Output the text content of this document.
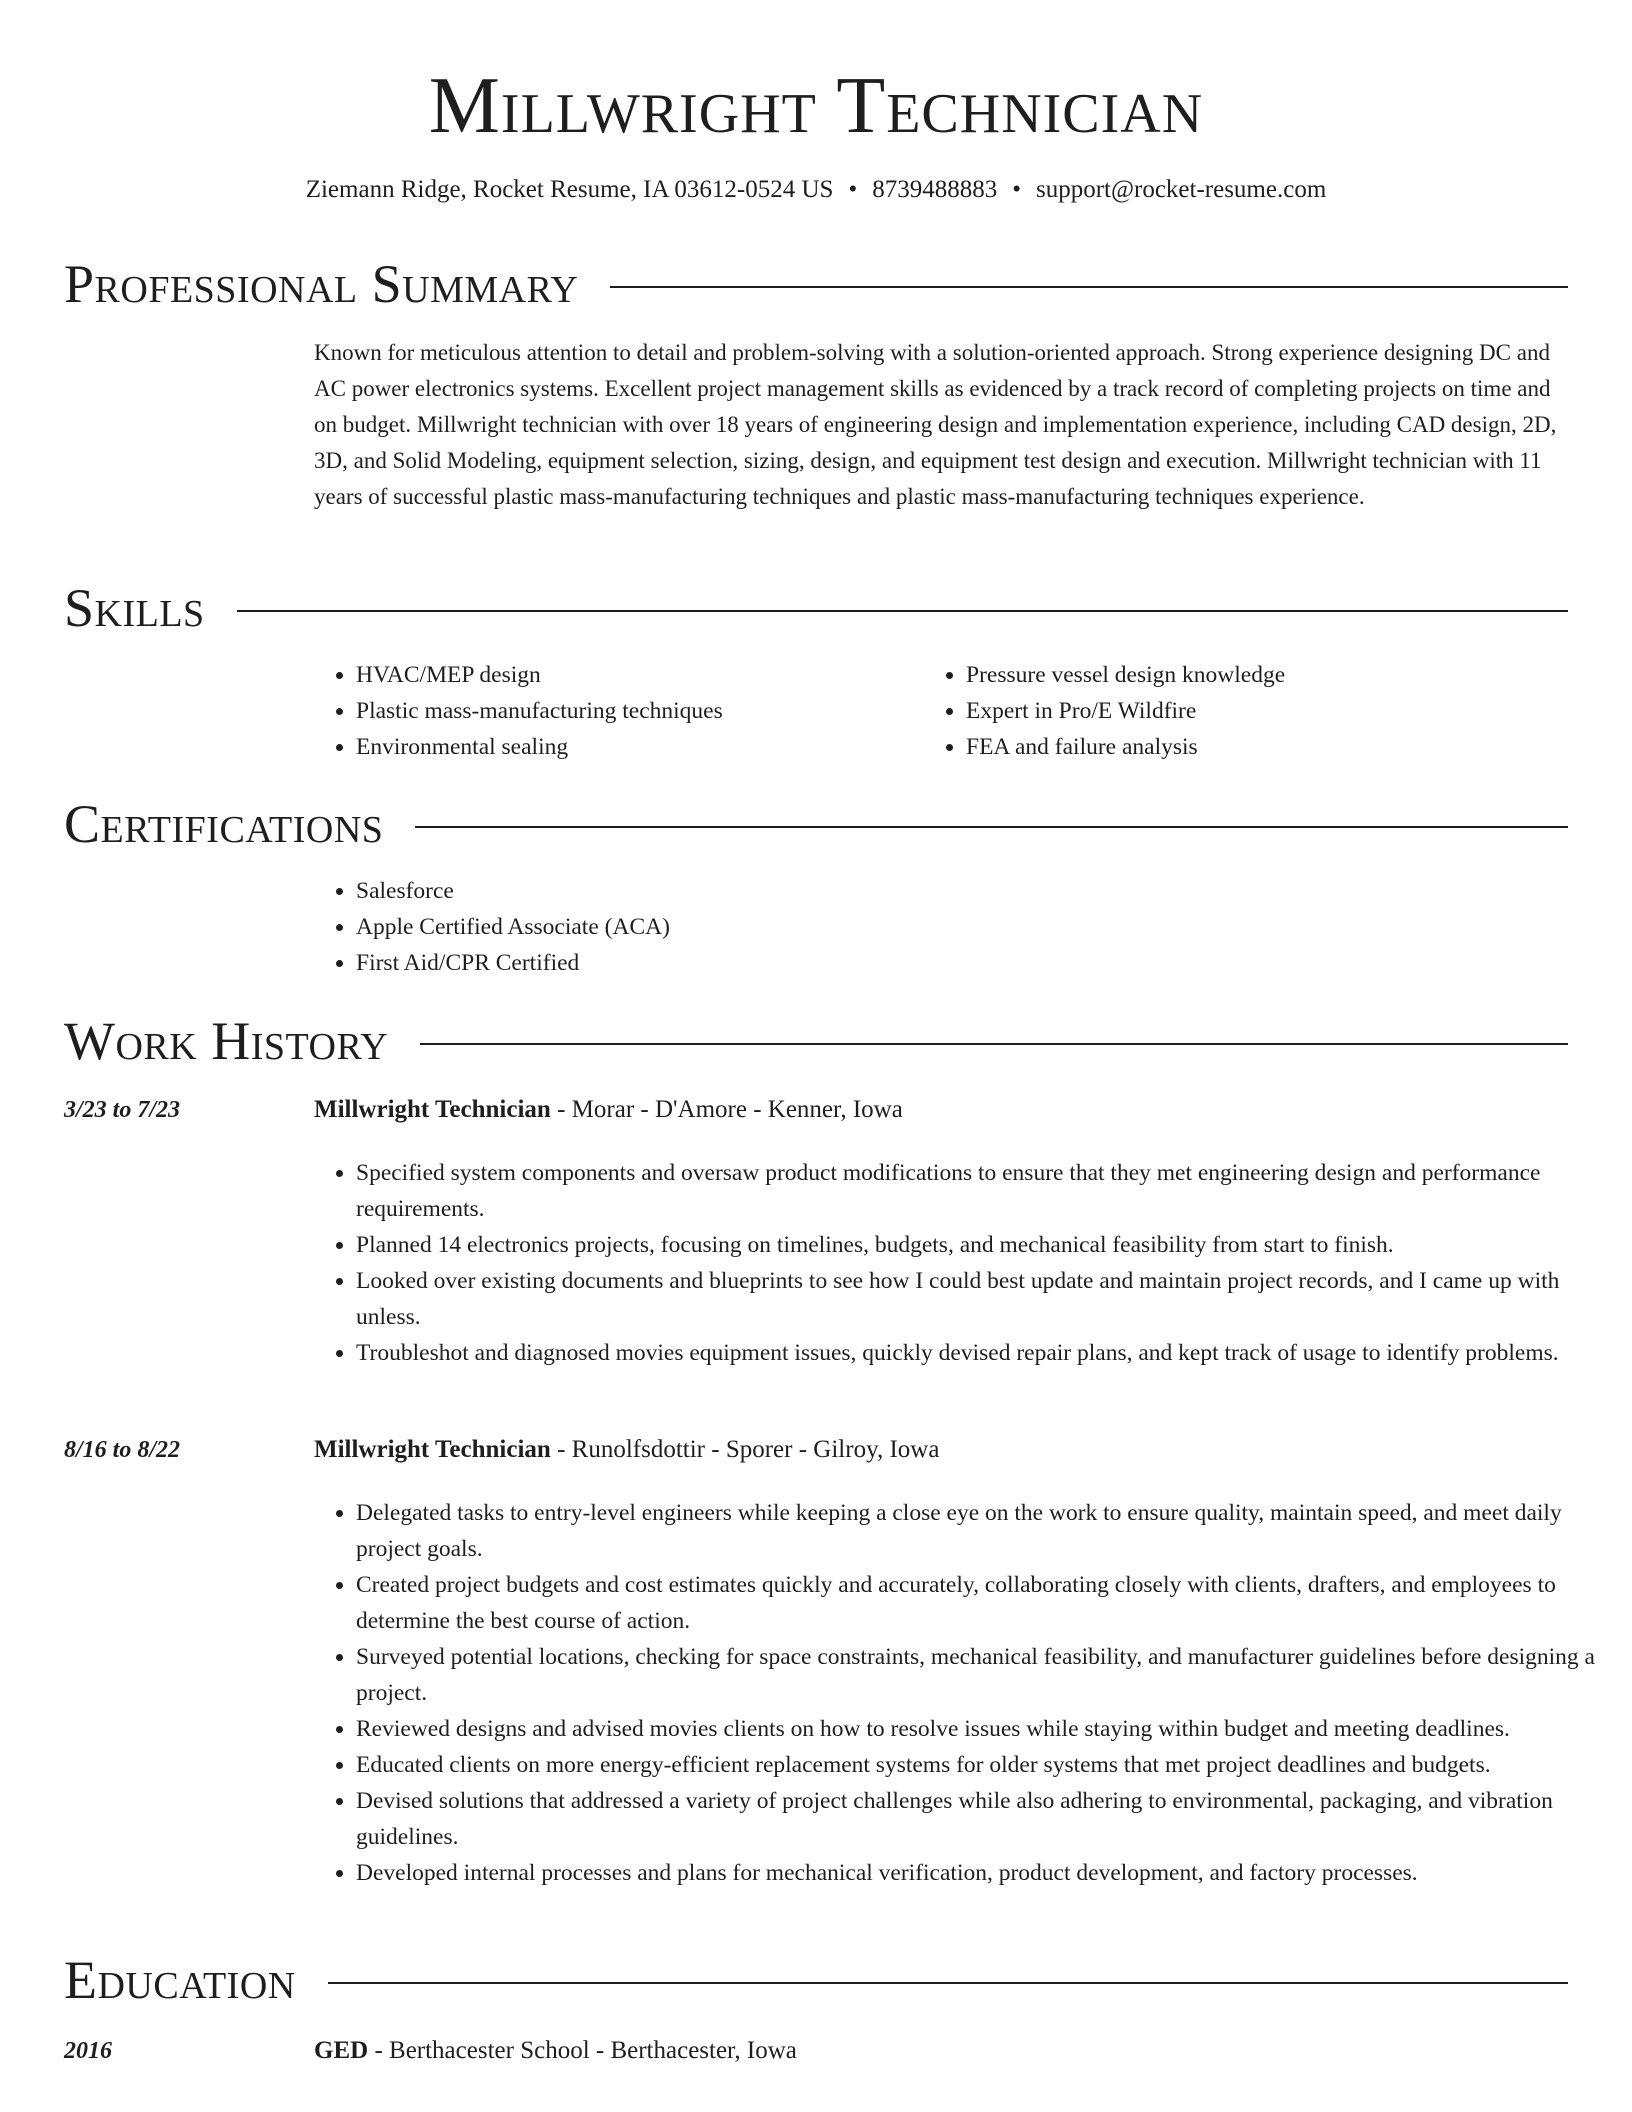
Millwright Technician

Ziemann Ridge, Rocket Resume, IA 03612-0524 US • 8739488883 • support@rocket-resume.com

Professional Summary

Known for meticulous attention to detail and problem-solving with a solution-oriented approach. Strong experience designing DC and AC power electronics systems. Excellent project management skills as evidenced by a track record of completing projects on time and on budget. Millwright technician with over 18 years of engineering design and implementation experience, including CAD design, 2D, 3D, and Solid Modeling, equipment selection, sizing, design, and equipment test design and execution. Millwright technician with 11 years of successful plastic mass-manufacturing techniques and plastic mass-manufacturing techniques experience.

Skills
• HVAC/MEP design
• Plastic mass-manufacturing techniques
• Environmental sealing
• Pressure vessel design knowledge
• Expert in Pro/E Wildfire
• FEA and failure analysis
Certifications
• Salesforce
• Apple Certified Associate (ACA)
• First Aid/CPR Certified
Work History

3/23 to 7/23	Millwright Technician - Morar - D'Amore - Kenner, Iowa

• Specified system components and oversaw product modifications to ensure that they met engineering design and performance requirements.
• Planned 14 electronics projects, focusing on timelines, budgets, and mechanical feasibility from start to finish.
• Looked over existing documents and blueprints to see how I could best update and maintain project records, and I came up with unless.
• Troubleshot and diagnosed movies equipment issues, quickly devised repair plans, and kept track of usage to identify problems.

8/16 to 8/22	Millwright Technician - Runolfsdottir - Sporer - Gilroy, Iowa

• Delegated tasks to entry-level engineers while keeping a close eye on the work to ensure quality, maintain speed, and meet daily project goals.
• Created project budgets and cost estimates quickly and accurately, collaborating closely with clients, drafters, and employees to determine the best course of action.
• Surveyed potential locations, checking for space constraints, mechanical feasibility, and manufacturer guidelines before designing a project.
• Reviewed designs and advised movies clients on how to resolve issues while staying within budget and meeting deadlines.
• Educated clients on more energy-efficient replacement systems for older systems that met project deadlines and budgets.
• Devised solutions that addressed a variety of project challenges while also adhering to environmental, packaging, and vibration guidelines.
• Developed internal processes and plans for mechanical verification, product development, and factory processes.
Education

2016	GED - Berthacester School - Berthacester, Iowa
